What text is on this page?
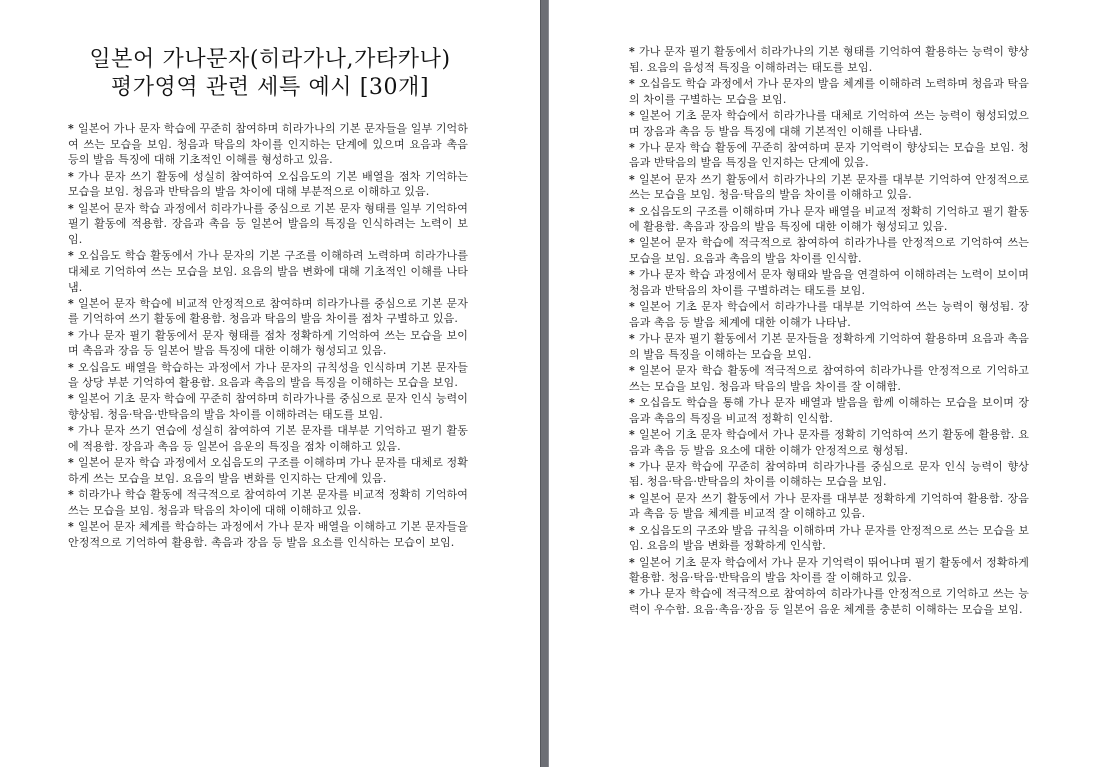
일본어 가나문자(히라가나,가타카나)
평가영역 관련 세특 예시 [30개]

* 일본어 가나 문자 학습에 꾸준히 참여하며 히라가나의 기본 문자들을 일부 기억하여 쓰는 모습을 보임. 청음과 탁음의 차이를 인지하는 단계에 있으며 요음과 촉음 등의 발음 특징에 대해 기초적인 이해를 형성하고 있음.

* 가나 문자 쓰기 활동에 성실히 참여하여 오십음도의 기본 배열을 점차 기억하는 모습을 보임. 청음과 반탁음의 발음 차이에 대해 부분적으로 이해하고 있음.

* 일본어 문자 학습 과정에서 히라가나를 중심으로 기본 문자 형태를 일부 기억하여 필기 활동에 적용함. 장음과 촉음 등 일본어 발음의 특징을 인식하려는 노력이 보임.

* 오십음도 학습 활동에서 가나 문자의 기본 구조를 이해하려 노력하며 히라가나를 대체로 기억하여 쓰는 모습을 보임. 요음의 발음 변화에 대해 기초적인 이해를 나타냄.

* 일본어 문자 학습에 비교적 안정적으로 참여하며 히라가나를 중심으로 기본 문자를 기억하여 쓰기 활동에 활용함. 청음과 탁음의 발음 차이를 점차 구별하고 있음.

* 가나 문자 필기 활동에서 문자 형태를 점차 정확하게 기억하여 쓰는 모습을 보이며 촉음과 장음 등 일본어 발음 특징에 대한 이해가 형성되고 있음.

* 오십음도 배열을 학습하는 과정에서 가나 문자의 규칙성을 인식하며 기본 문자들을 상당 부분 기억하여 활용함. 요음과 촉음의 발음 특징을 이해하는 모습을 보임.

* 일본어 기초 문자 학습에 꾸준히 참여하며 히라가나를 중심으로 문자 인식 능력이 향상됨. 청음·탁음·반탁음의 발음 차이를 이해하려는 태도를 보임.

* 가나 문자 쓰기 연습에 성실히 참여하여 기본 문자를 대부분 기억하고 필기 활동에 적용함. 장음과 촉음 등 일본어 음운의 특징을 점차 이해하고 있음.

* 일본어 문자 학습 과정에서 오십음도의 구조를 이해하며 가나 문자를 대체로 정확하게 쓰는 모습을 보임. 요음의 발음 변화를 인지하는 단계에 있음.

* 히라가나 학습 활동에 적극적으로 참여하여 기본 문자를 비교적 정확히 기억하여 쓰는 모습을 보임. 청음과 탁음의 차이에 대해 이해하고 있음.

* 일본어 문자 체계를 학습하는 과정에서 가나 문자 배열을 이해하고 기본 문자들을 안정적으로 기억하여 활용함. 촉음과 장음 등 발음 요소를 인식하는 모습이 보임.

* 가나 문자 필기 활동에서 히라가나의 기본 형태를 기억하여 활용하는 능력이 향상됨. 요음의 음성적 특징을 이해하려는 태도를 보임.

* 오십음도 학습 과정에서 가나 문자의 발음 체계를 이해하려 노력하며 청음과 탁음의 차이를 구별하는 모습을 보임.

* 일본어 기초 문자 학습에서 히라가나를 대체로 기억하여 쓰는 능력이 형성되었으며 장음과 촉음 등 발음 특징에 대해 기본적인 이해를 나타냄.

* 가나 문자 학습 활동에 꾸준히 참여하며 문자 기억력이 향상되는 모습을 보임. 청음과 반탁음의 발음 특징을 인지하는 단계에 있음.

* 일본어 문자 쓰기 활동에서 히라가나의 기본 문자를 대부분 기억하여 안정적으로 쓰는 모습을 보임. 청음·탁음의 발음 차이를 이해하고 있음.

* 오십음도의 구조를 이해하며 가나 문자 배열을 비교적 정확히 기억하고 필기 활동에 활용함. 촉음과 장음의 발음 특징에 대한 이해가 형성되고 있음.

* 일본어 문자 학습에 적극적으로 참여하여 히라가나를 안정적으로 기억하여 쓰는 모습을 보임. 요음과 촉음의 발음 차이를 인식함.

* 가나 문자 학습 과정에서 문자 형태와 발음을 연결하여 이해하려는 노력이 보이며 청음과 반탁음의 차이를 구별하려는 태도를 보임.

* 일본어 기초 문자 학습에서 히라가나를 대부분 기억하여 쓰는 능력이 형성됨. 장음과 촉음 등 발음 체계에 대한 이해가 나타남.

* 가나 문자 필기 활동에서 기본 문자들을 정확하게 기억하여 활용하며 요음과 촉음의 발음 특징을 이해하는 모습을 보임.

* 일본어 문자 학습 활동에 적극적으로 참여하여 히라가나를 안정적으로 기억하고 쓰는 모습을 보임. 청음과 탁음의 발음 차이를 잘 이해함.

* 오십음도 학습을 통해 가나 문자 배열과 발음을 함께 이해하는 모습을 보이며 장음과 촉음의 특징을 비교적 정확히 인식함.

* 일본어 기초 문자 학습에서 가나 문자를 정확히 기억하여 쓰기 활동에 활용함. 요음과 촉음 등 발음 요소에 대한 이해가 안정적으로 형성됨.

* 가나 문자 학습에 꾸준히 참여하며 히라가나를 중심으로 문자 인식 능력이 향상됨. 청음·탁음·반탁음의 차이를 이해하는 모습을 보임.

* 일본어 문자 쓰기 활동에서 가나 문자를 대부분 정확하게 기억하여 활용함. 장음과 촉음 등 발음 체계를 비교적 잘 이해하고 있음.

* 오십음도의 구조와 발음 규칙을 이해하며 가나 문자를 안정적으로 쓰는 모습을 보임. 요음의 발음 변화를 정확하게 인식함.

* 일본어 기초 문자 학습에서 가나 문자 기억력이 뛰어나며 필기 활동에서 정확하게 활용함. 청음·탁음·반탁음의 발음 차이를 잘 이해하고 있음.

* 가나 문자 학습에 적극적으로 참여하여 히라가나를 안정적으로 기억하고 쓰는 능력이 우수함. 요음·촉음·장음 등 일본어 음운 체계를 충분히 이해하는 모습을 보임.
